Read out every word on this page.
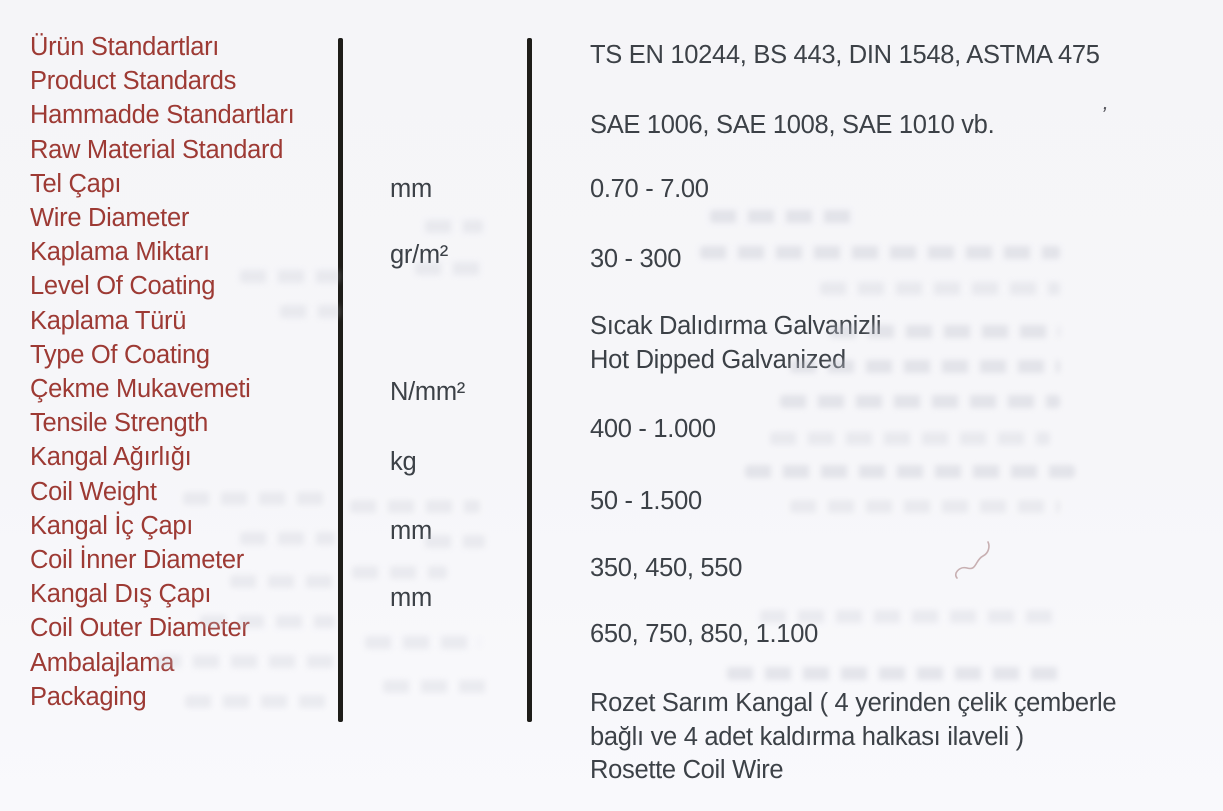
Ürün Standartları
Product Standards
Hammadde Standartları
Raw Material Standard
Tel Çapı
Wire Diameter
Kaplama Miktarı
Level Of Coating
Kaplama Türü
Type Of Coating
Çekme Mukavemeti
Tensile Strength
Kangal Ağırlığı
Coil Weight
Kangal İç Çapı
Coil İnner Diameter
Kangal Dış Çapı
Coil Outer Diameter
Ambalajlama
Packaging
mm
gr/m²
N/mm²
kg
mm
mm
TS EN 10244, BS 443, DIN 1548, ASTMA 475
SAE 1006, SAE 1008, SAE 1010 vb.
0.70 - 7.00
30 - 300
Sıcak Dalıdırma Galvanizli
Hot Dipped Galvanized
400 - 1.000
50 - 1.500
350, 450, 550
650, 750, 850, 1.100
Rozet Sarım Kangal ( 4 yerinden çelik çemberle
bağlı ve 4 adet kaldırma halkası ilaveli )
Rosette Coil Wire
’
